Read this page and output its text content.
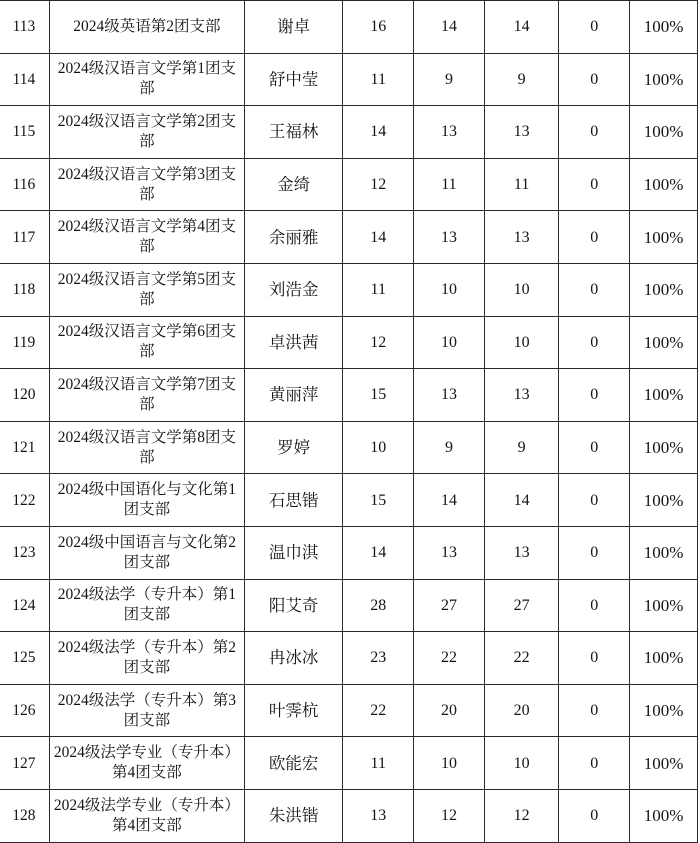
113	2024级英语第2团支部	谢卓	16	14	14	0	100%
114	2024级汉语言文学第1团支部	舒中莹	11	9	9	0	100%
115	2024级汉语言文学第2团支部	王福林	14	13	13	0	100%
116	2024级汉语言文学第3团支部	金绮	12	11	11	0	100%
117	2024级汉语言文学第4团支部	余丽雅	14	13	13	0	100%
118	2024级汉语言文学第5团支部	刘浩金	11	10	10	0	100%
119	2024级汉语言文学第6团支部	卓洪茜	12	10	10	0	100%
120	2024级汉语言文学第7团支部	黄丽萍	15	13	13	0	100%
121	2024级汉语言文学第8团支部	罗婷	10	9	9	0	100%
122	2024级中国语化与文化第1团支部	石思锴	15	14	14	0	100%
123	2024级中国语言与文化第2团支部	温巾淇	14	13	13	0	100%
124	2024级法学（专升本）第1团支部	阳艾奇	28	27	27	0	100%
125	2024级法学（专升本）第2团支部	冉冰冰	23	22	22	0	100%
126	2024级法学（专升本）第3团支部	叶霁杭	22	20	20	0	100%
127	2024级法学专业（专升本）第4团支部	欧能宏	11	10	10	0	100%
128	2024级法学专业（专升本）第4团支部	朱洪锴	13	12	12	0	100%
